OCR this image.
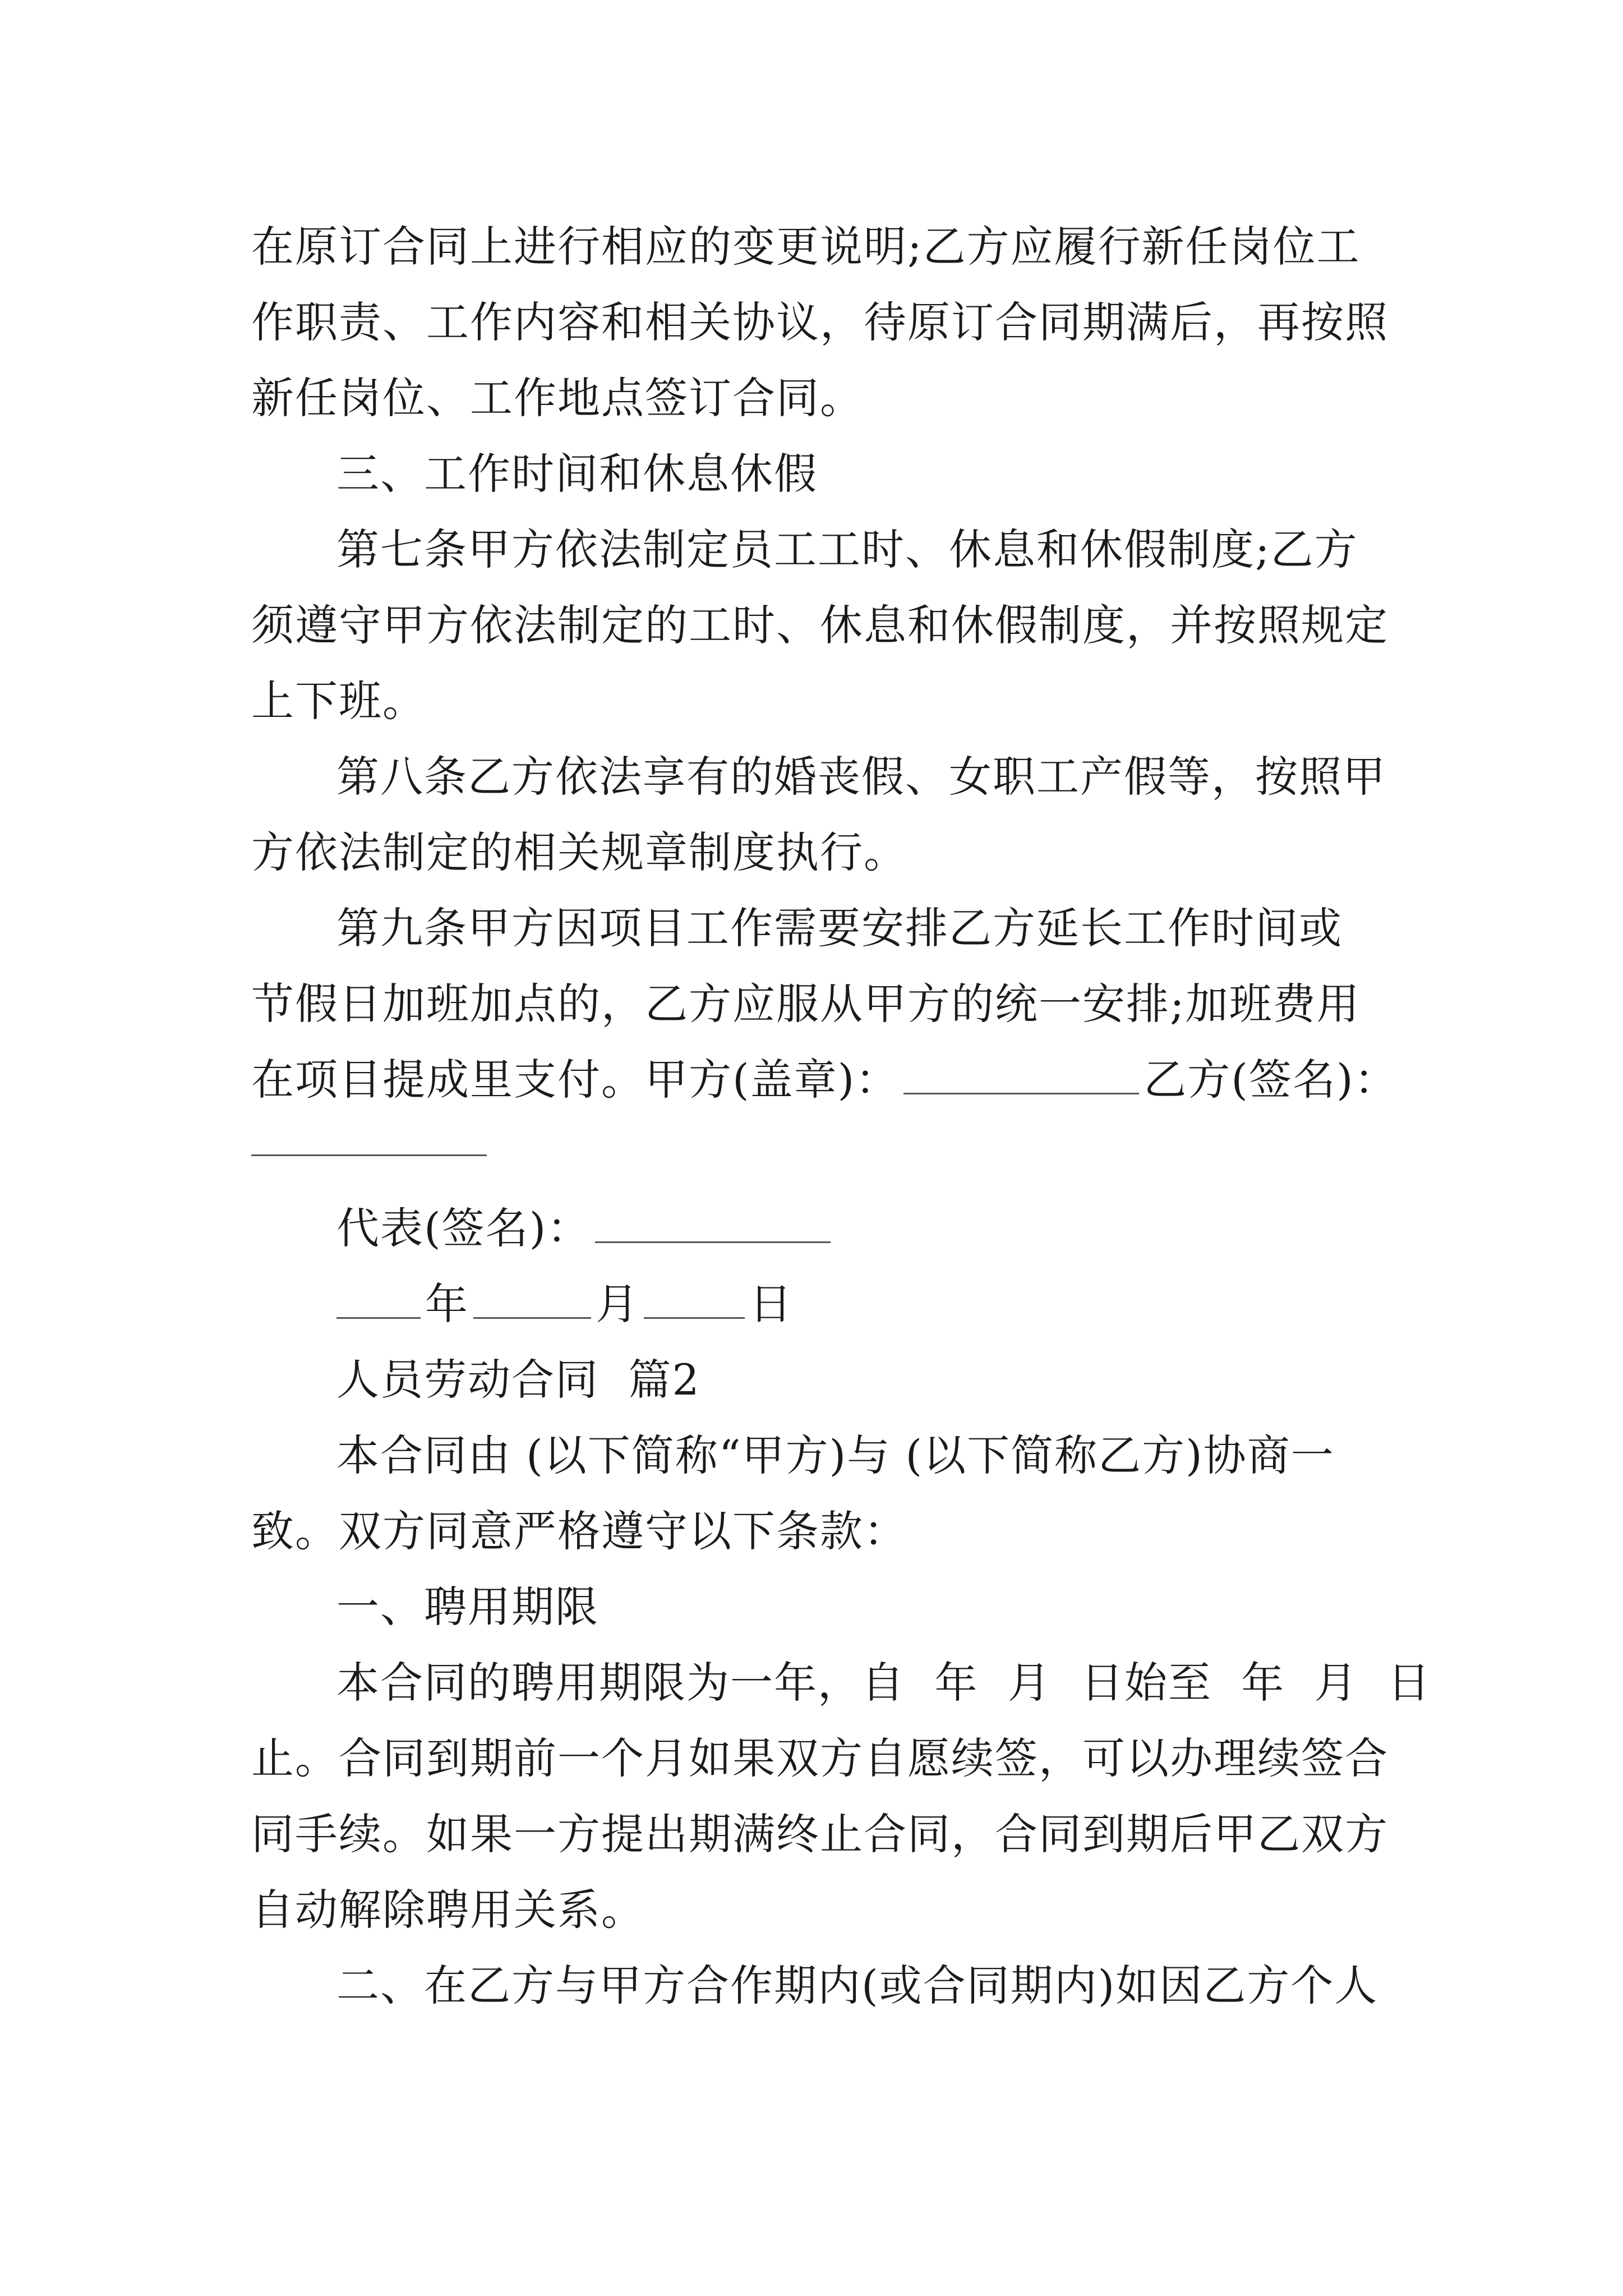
在原订合同上进行相应的变更说明;乙方应履行新任岗位工
作职责、工作内容和相关协议，待原订合同期满后，再按照
新任岗位、工作地点签订合同。
三、工作时间和休息休假
第七条甲方依法制定员工工时、休息和休假制度;乙方
须遵守甲方依法制定的工时、休息和休假制度，并按照规定
上下班。
第八条乙方依法享有的婚丧假、女职工产假等，按照甲
方依法制定的相关规章制度执行。
第九条甲方因项目工作需要安排乙方延长工作时间或
节假日加班加点的，乙方应服从甲方的统一安排;加班费用
在项目提成里支付。甲方(盖章)：	乙方(签名)：
代表(签名)：
年	月	日
人员劳动合同  篇2
本合同由 (以下简称“甲方)与 (以下简称乙方)协商一
致。双方同意严格遵守以下条款：
一、聘用期限
本合同的聘用期限为一年，自  年  月  日始至  年  月  日
止。合同到期前一个月如果双方自愿续签，可以办理续签合
同手续。如果一方提出期满终止合同，合同到期后甲乙双方
自动解除聘用关系。
二、在乙方与甲方合作期内(或合同期内)如因乙方个人
